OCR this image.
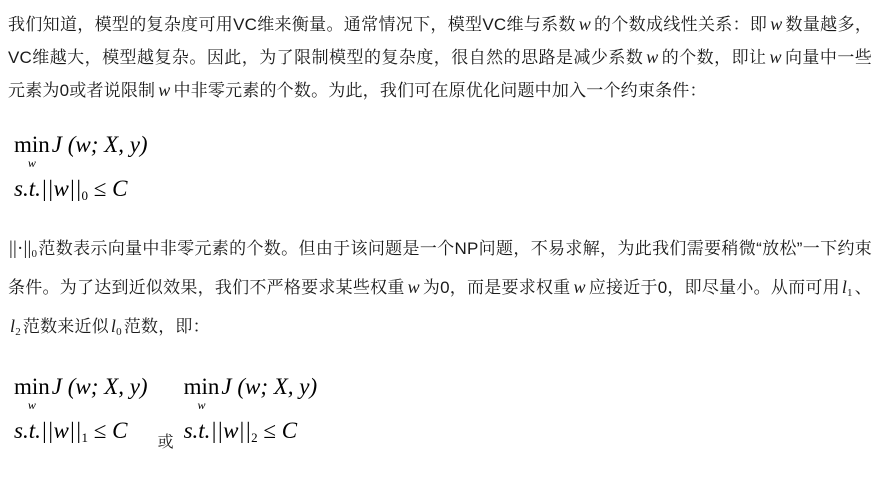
我们知道，模型的复杂度可用VC维来衡量。通常情况下，模型VC维与系数 w 的个数成线性关系：即 w 数量越多，VC维越大，模型越复杂。因此，为了限制模型的复杂度，很自然的思路是减少系数 w 的个数，即让 w 向量中一些元素为0或者说限制 w 中非零元素的个数。为此，我们可在原优化问题中加入一个约束条件：

min
w
J (w; X, y)
s.t.||w||0 ≤ C

$||\cdot||_0$范数表示向量中非零元素的个数。但由于该问题是一个NP问题，不易求解，为此我们需要稍微“放松”一下约束条件。为了达到近似效果，我们不严格要求某些权重 w 为0，而是要求权重 w 应接近于0，即尽量小。从而可用 $l_1$ 、$l_2$ 范数来近似 $l_0$ 范数，即：

min
w
J (w; X, y)
s.t.||w||1 ≤ C	或
min
w
J (w; X, y)
s.t.||w||2 ≤ C
